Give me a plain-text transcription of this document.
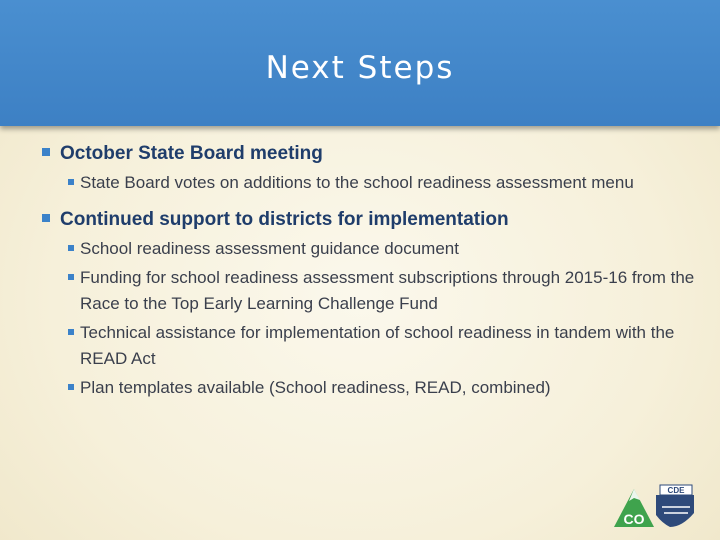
Next Steps
October State Board meeting
State Board votes on additions to the school readiness assessment menu
Continued support to districts for implementation
School readiness assessment guidance document
Funding for school readiness assessment subscriptions through 2015-16 from the Race to the Top Early Learning Challenge Fund
Technical assistance for implementation of school readiness in tandem with the READ Act
Plan templates available (School readiness, READ, combined)
CDE
CO
